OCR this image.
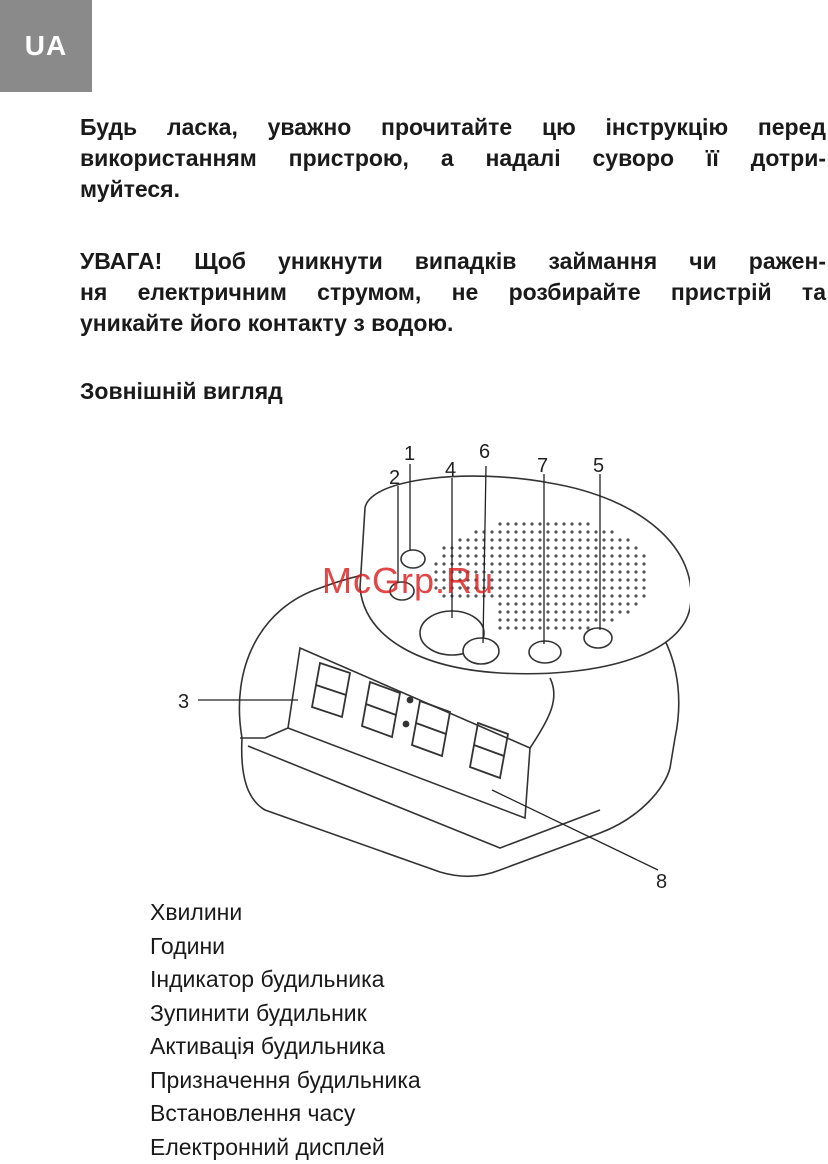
UA

Будь ласка, уважно прочитайте цю інструкцію перед
використанням пристрою, а надалі суворо її дотри-
муйтеся.

УВАГА! Щоб уникнути випадків займання чи ражен-
ня електричним струмом, не розбирайте пристрій та
уникайте його контакту з водою.

Зовнішній вигляд
1
2
3
4	5
6
7
8
McGrp.Ru
Хвилини
Години
Індикатор будильника
Зупинити будильник
Активація будильника
Призначення будильника
Встановлення часу
Електронний дисплей
